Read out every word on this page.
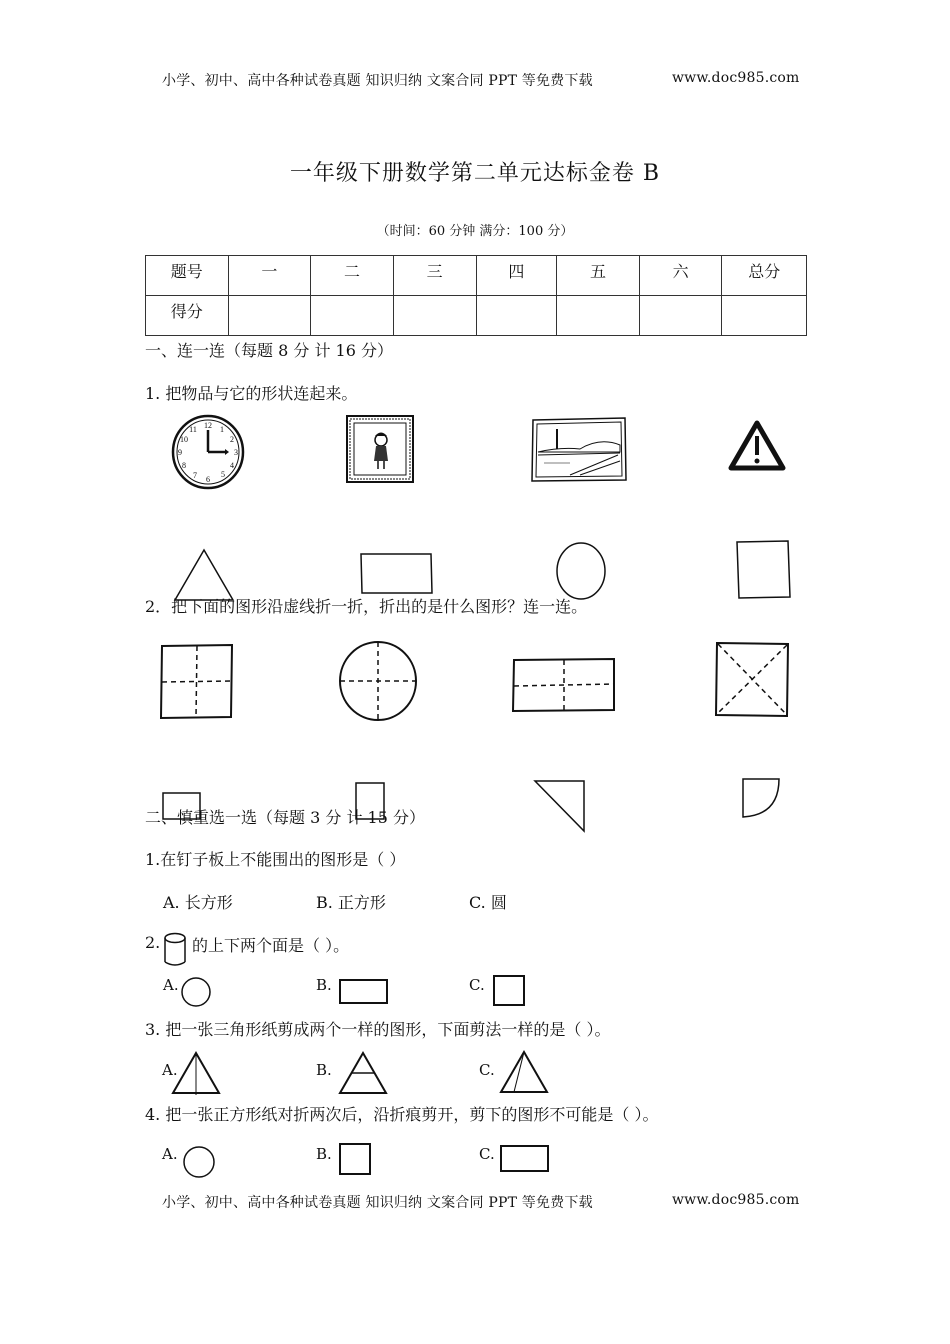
小学、初中、高中各种试卷真题 知识归纳 文案合同 PPT 等免费下载	www.doc985.com
一年级下册数学第二单元达标金卷 B
（时间：60 分钟 满分：100 分）
题号	一	二	三	四	五	六	总分
得分							
一、连一连（每题 8 分 计 16 分）
1. 把物品与它的形状连起来。
12 1
2
3
4
5
6
7
8
9
10
11
2．把下面的图形沿虚线折一折，折出的是什么图形？连一连。
二、慎重选一选（每题 3 分 计 15 分）
1.在钉子板上不能围出的图形是（ ）
A. 长方形	B. 正方形	C. 圆
2. 的上下两个面是（ ）。
A.	B.	C.
3. 把一张三角形纸剪成两个一样的图形，下面剪法一样的是（ ）。
A.	B.	C.
4. 把一张正方形纸对折两次后，沿折痕剪开，剪下的图形不可能是（ ）。
A.	B.	C.
小学、初中、高中各种试卷真题 知识归纳 文案合同 PPT 等免费下载	www.doc985.com
